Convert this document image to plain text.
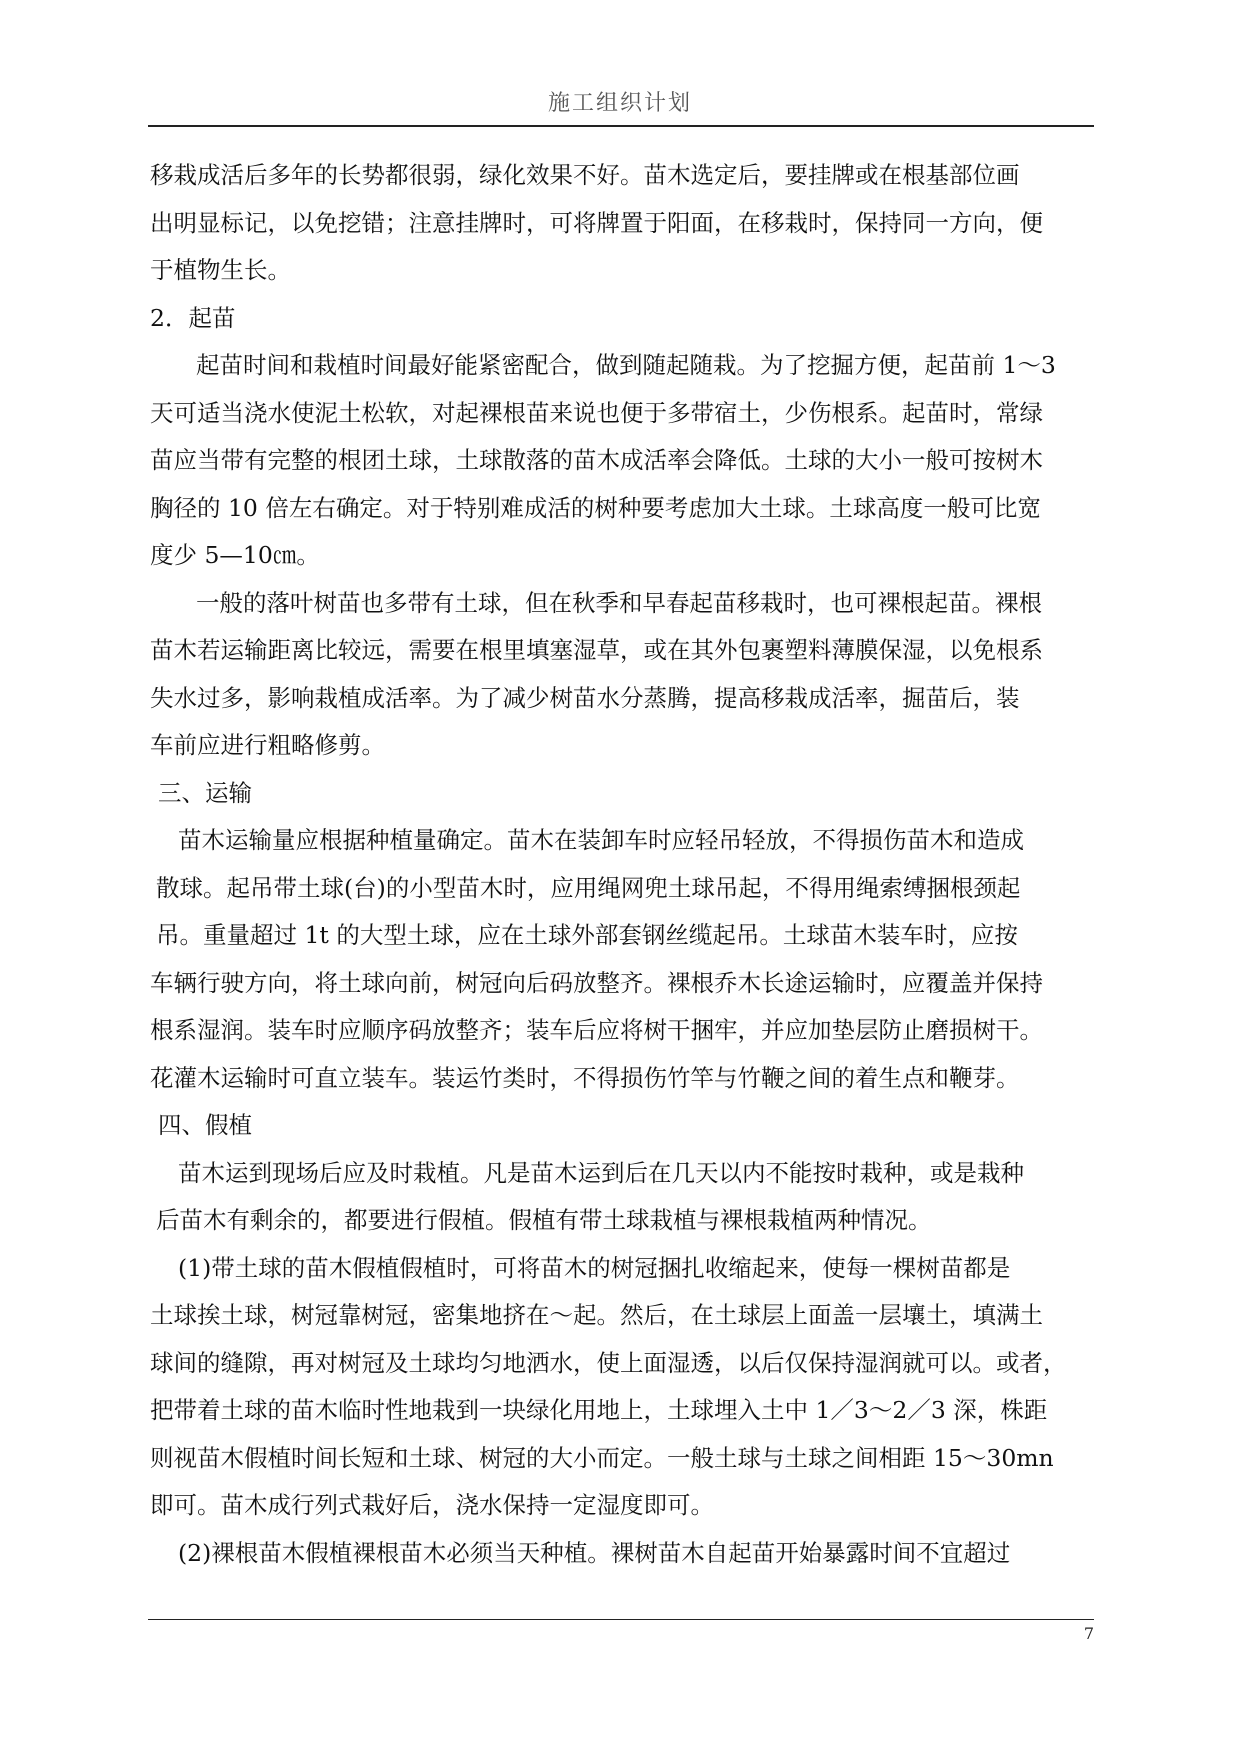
施工组织计划
移栽成活后多年的长势都很弱，绿化效果不好。苗木选定后，要挂牌或在根基部位画
出明显标记，以免挖错；注意挂牌时，可将牌置于阳面，在移栽时，保持同一方向，便
于植物生长。
2．起苗
起苗时间和栽植时间最好能紧密配合，做到随起随栽。为了挖掘方便，起苗前 1～3
天可适当浇水使泥土松软，对起裸根苗来说也便于多带宿土，少伤根系。起苗时，常绿
苗应当带有完整的根团土球，土球散落的苗木成活率会降低。土球的大小一般可按树木
胸径的 10 倍左右确定。对于特别难成活的树种要考虑加大土球。土球高度一般可比宽
度少 5—10㎝。
一般的落叶树苗也多带有土球，但在秋季和早春起苗移栽时，也可裸根起苗。裸根
苗木若运输距离比较远，需要在根里填塞湿草，或在其外包裹塑料薄膜保湿，以免根系
失水过多，影响栽植成活率。为了减少树苗水分蒸腾，提高移栽成活率，掘苗后，装
车前应进行粗略修剪。
三、运输
苗木运输量应根据种植量确定。苗木在装卸车时应轻吊轻放，不得损伤苗木和造成
散球。起吊带土球(台)的小型苗木时，应用绳网兜土球吊起，不得用绳索缚捆根颈起
吊。重量超过 1t 的大型土球，应在土球外部套钢丝缆起吊。土球苗木装车时，应按
车辆行驶方向，将土球向前，树冠向后码放整齐。裸根乔木长途运输时，应覆盖并保持
根系湿润。装车时应顺序码放整齐；装车后应将树干捆牢，并应加垫层防止磨损树干。
花灌木运输时可直立装车。装运竹类时，不得损伤竹竿与竹鞭之间的着生点和鞭芽。
四、假植
苗木运到现场后应及时栽植。凡是苗木运到后在几天以内不能按时栽种，或是栽种
后苗木有剩余的，都要进行假植。假植有带土球栽植与裸根栽植两种情况。
(1)带土球的苗木假植假植时，可将苗木的树冠捆扎收缩起来，使每一棵树苗都是
土球挨土球，树冠靠树冠，密集地挤在～起。然后，在土球层上面盖一层壤土，填满土
球间的缝隙，再对树冠及土球均匀地洒水，使上面湿透，以后仅保持湿润就可以。或者，
把带着土球的苗木临时性地栽到一块绿化用地上，土球埋入土中 1／3～2／3 深，株距
则视苗木假植时间长短和土球、树冠的大小而定。一般土球与土球之间相距 15～30mn
即可。苗木成行列式栽好后，浇水保持一定湿度即可。
(2)裸根苗木假植裸根苗木必须当天种植。裸树苗木自起苗开始暴露时间不宜超过
7
